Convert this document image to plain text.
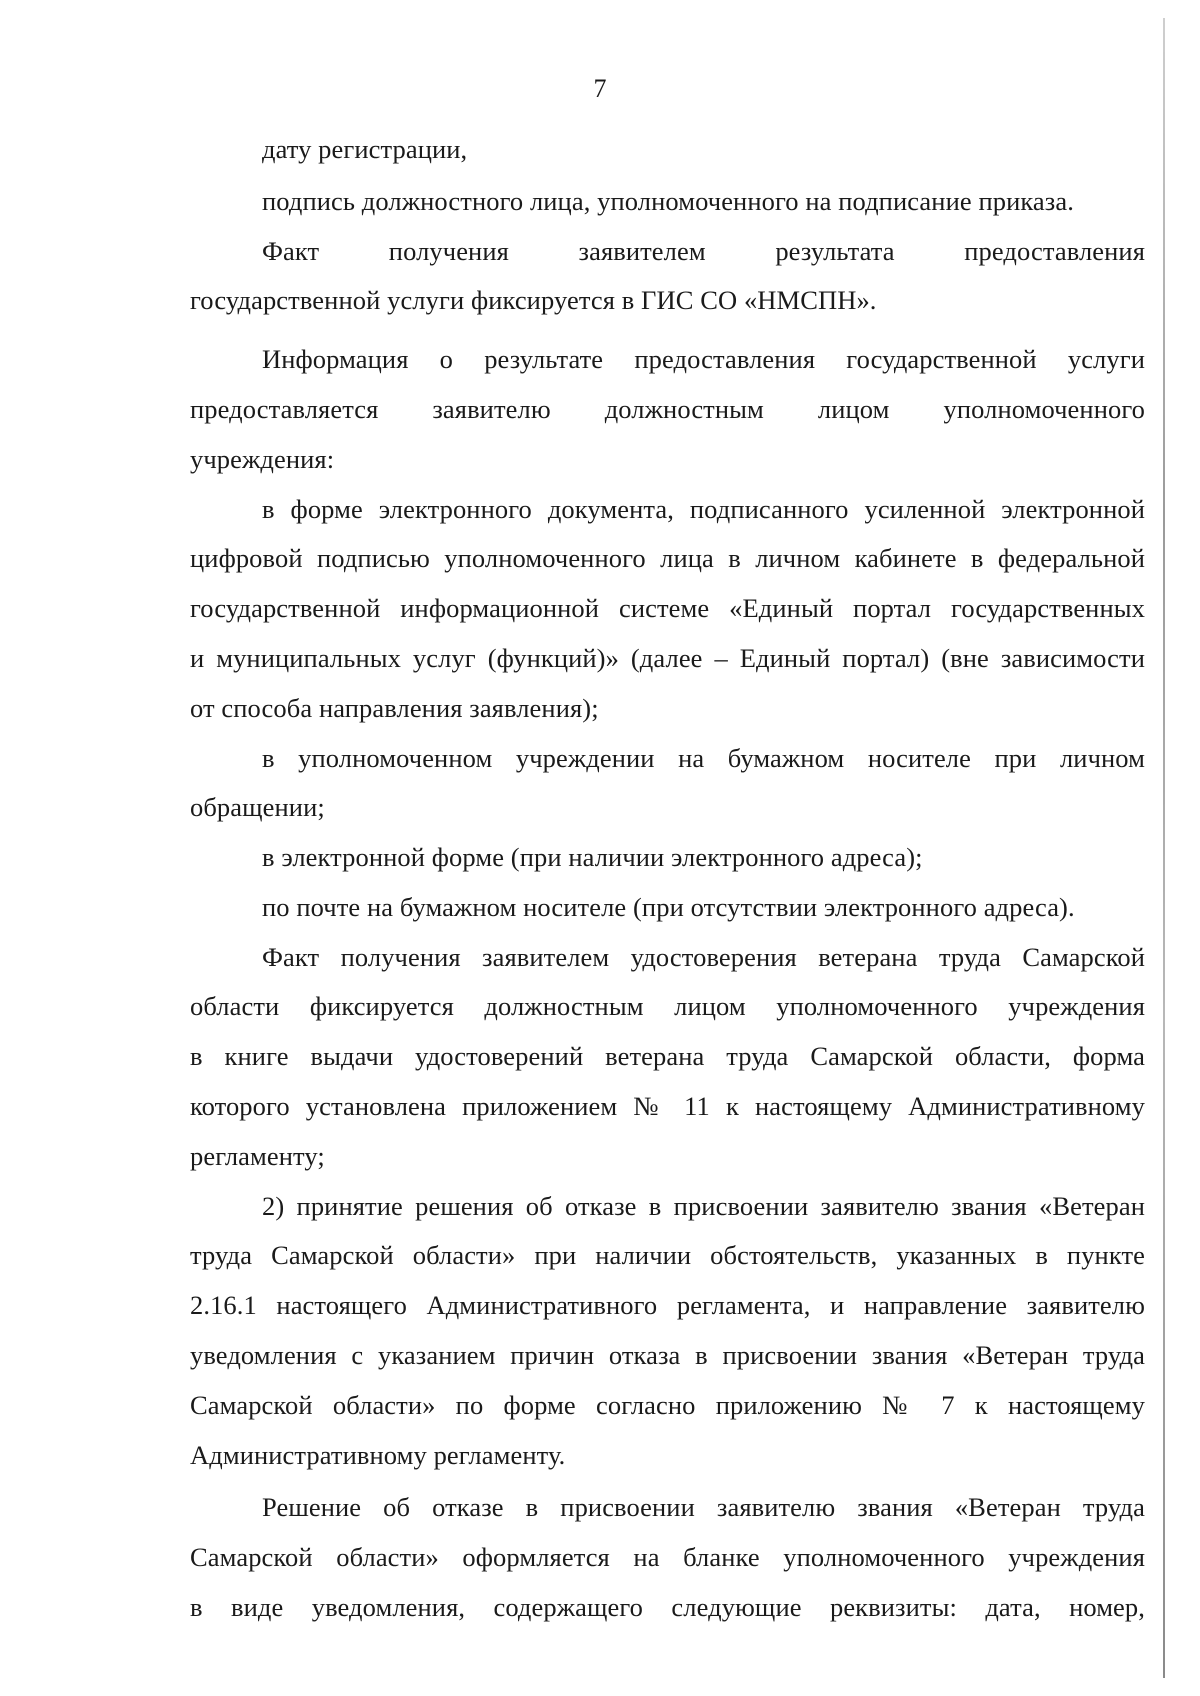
7
дату регистрации,
подпись должностного лица, уполномоченного на подписание приказа.
Факт получения заявителем результата предоставления
государственной услуги фиксируется в ГИС СО «НМСПН».
Информация о результате предоставления государственной услуги
предоставляется заявителю должностным лицом уполномоченного
учреждения:
в форме электронного документа, подписанного усиленной электронной
цифровой подписью уполномоченного лица в личном кабинете в федеральной
государственной информационной системе «Единый портал государственных
и муниципальных услуг (функций)» (далее – Единый портал) (вне зависимости
от способа направления заявления);
в уполномоченном учреждении на бумажном носителе при личном
обращении;
в электронной форме (при наличии электронного адреса);
по почте на бумажном носителе (при отсутствии электронного адреса).
Факт получения заявителем удостоверения ветерана труда Самарской
области фиксируется должностным лицом уполномоченного учреждения
в книге выдачи удостоверений ветерана труда Самарской области, форма
которого установлена приложением № 11 к настоящему Административному
регламенту;
2) принятие решения об отказе в присвоении заявителю звания «Ветеран
труда Самарской области» при наличии обстоятельств, указанных в пункте
2.16.1 настоящего Административного регламента, и направление заявителю
уведомления с указанием причин отказа в присвоении звания «Ветеран труда
Самарской области» по форме согласно приложению № 7 к настоящему
Административному регламенту.
Решение об отказе в присвоении заявителю звания «Ветеран труда
Самарской области» оформляется на бланке уполномоченного учреждения
в виде уведомления, содержащего следующие реквизиты: дата, номер,
